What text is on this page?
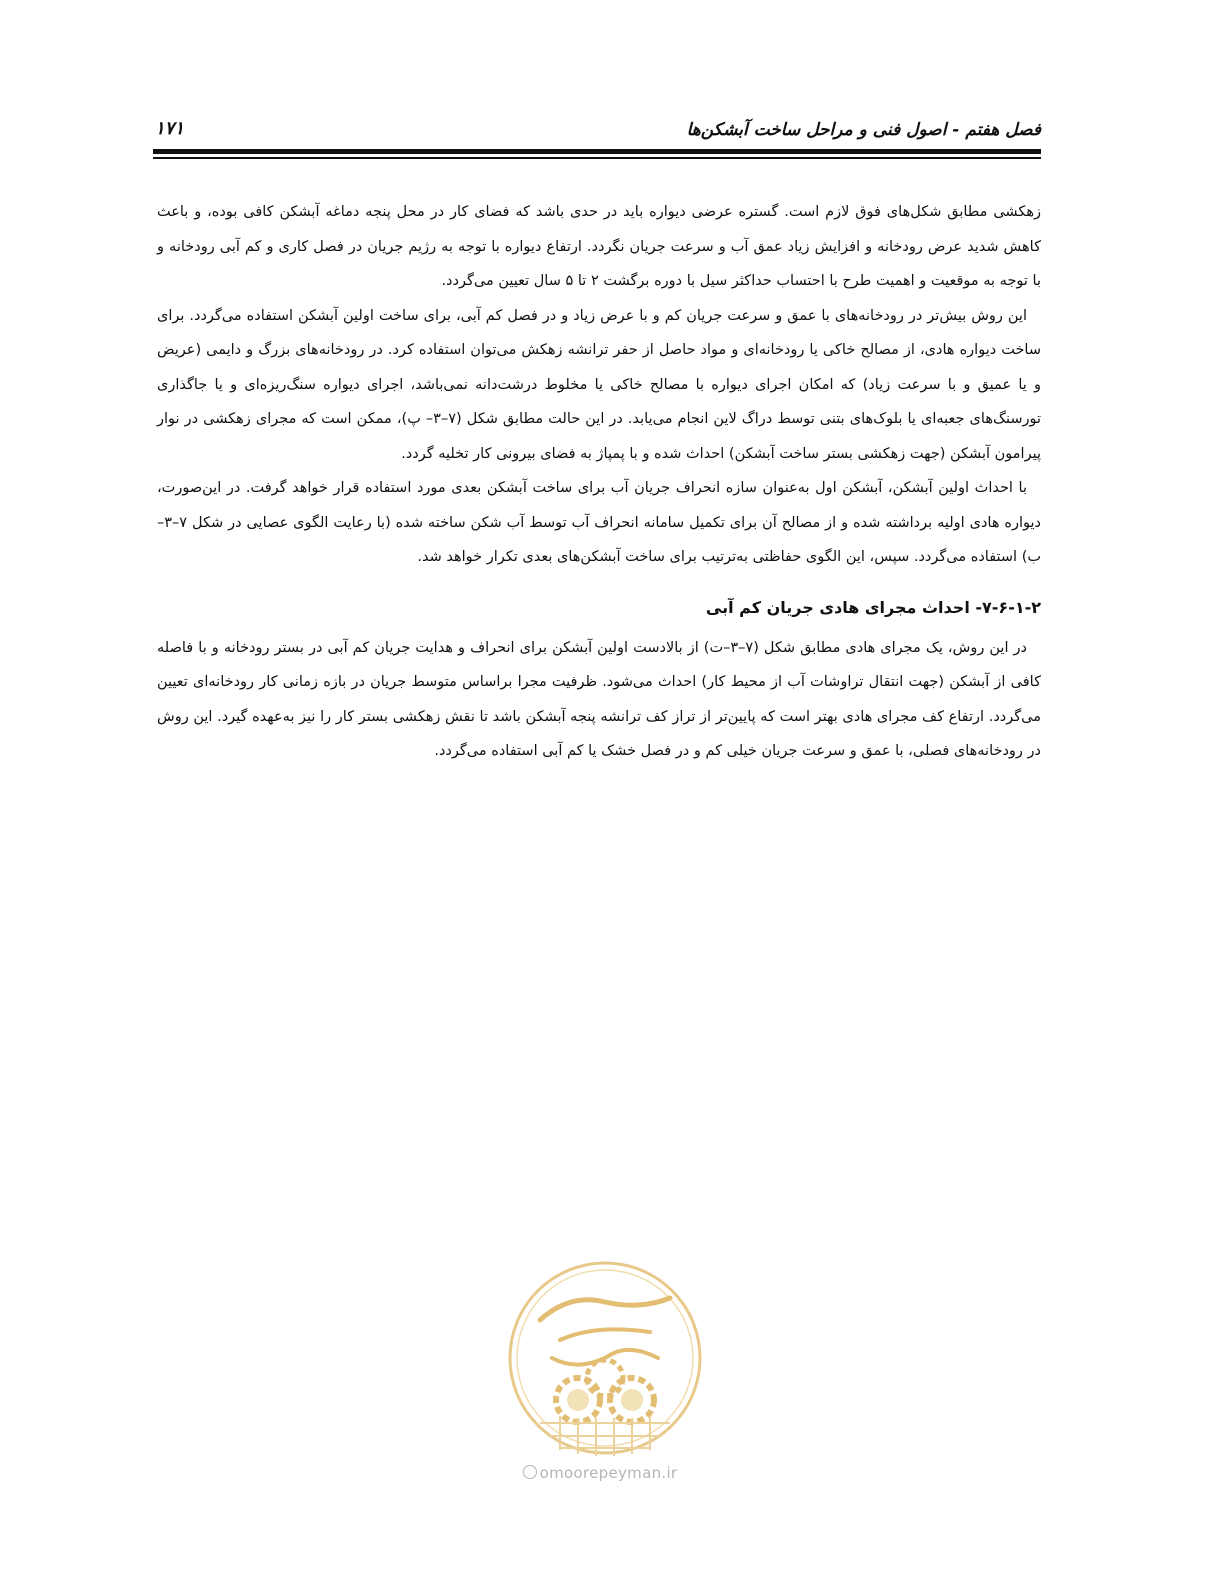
فصل هفتم - اصول فنی و مراحل ساخت آبشکن‌ها
۱۷۱

زهکشی مطابق شکل‌های فوق لازم است. گستره عرضی دیواره باید در حدی باشد که فضای کار در محل پنجه دماغه آبشکن کافی بوده، و باعث کاهش شدید عرض رودخانه و افزایش زیاد عمق آب و سرعت جریان نگردد. ارتفاع دیواره با توجه به رژیم جریان در فصل کاری و کم آبی رودخانه و با توجه به موقعیت و اهمیت طرح با احتساب حداکثر سیل با دوره برگشت ۲ تا ۵ سال تعیین می‌گردد.

این روش بیش‌تر در رودخانه‌های با عمق و سرعت جریان کم و با عرض زیاد و در فصل کم آبی، برای ساخت اولین آبشکن استفاده می‌گردد. برای ساخت دیواره هادی، از مصالح خاکی یا رودخانه‌ای و مواد حاصل از حفر ترانشه زهکش می‌توان استفاده کرد. در رودخانه‌های بزرگ و دایمی (عریض و یا عمیق و با سرعت زیاد) که امکان اجرای دیواره با مصالح خاکی یا مخلوط درشت‌دانه نمی‌باشد، اجرای دیواره سنگ‌ریزه‌ای و یا جاگذاری تورسنگ‌های جعبه‌ای یا بلوک‌های بتنی توسط دراگ لاین انجام می‌یابد. در این حالت مطابق شکل (۷–۳– پ)، ممکن است که مجرای زهکشی در نوار پیرامون آبشکن (جهت زهکشی بستر ساخت آبشکن) احداث شده و با پمپاژ به فضای بیرونی کار تخلیه گردد.

با احداث اولین آبشکن، آبشکن اول به‌عنوان سازه انحراف جریان آب برای ساخت آبشکن بعدی مورد استفاده قرار خواهد گرفت. در این‌صورت، دیواره هادی اولیه برداشته شده و از مصالح آن برای تکمیل سامانه انحراف آب توسط آب شکن ساخته شده (با رعایت الگوی عصایی در شکل ۷–۳– ب) استفاده می‌گردد. سپس، این الگوی حفاظتی به‌ترتیب برای ساخت آبشکن‌های بعدی تکرار خواهد شد.

۷-۶-۱-۲- احداث مجرای هادی جریان کم آبی

در این روش، یک مجرای هادی مطابق شکل (۷–۳–ت) از بالادست اولین آبشکن برای انحراف و هدایت جریان کم آبی در بستر رودخانه و با فاصله کافی از آبشکن (جهت انتقال تراوشات آب از محیط کار) احداث می‌شود. ظرفیت مجرا براساس متوسط جریان در بازه زمانی کار رودخانه‌ای تعیین می‌گردد. ارتفاع کف مجرای هادی بهتر است که پایین‌تر از تراز کف ترانشه پنجه آبشکن باشد تا نقش زهکشی بستر کار را نیز به‌عهده گیرد. این روش در رودخانه‌های فصلی، با عمق و سرعت جریان خیلی کم و در فصل خشک یا کم آبی استفاده می‌گردد.

omoorepeyman.ir
